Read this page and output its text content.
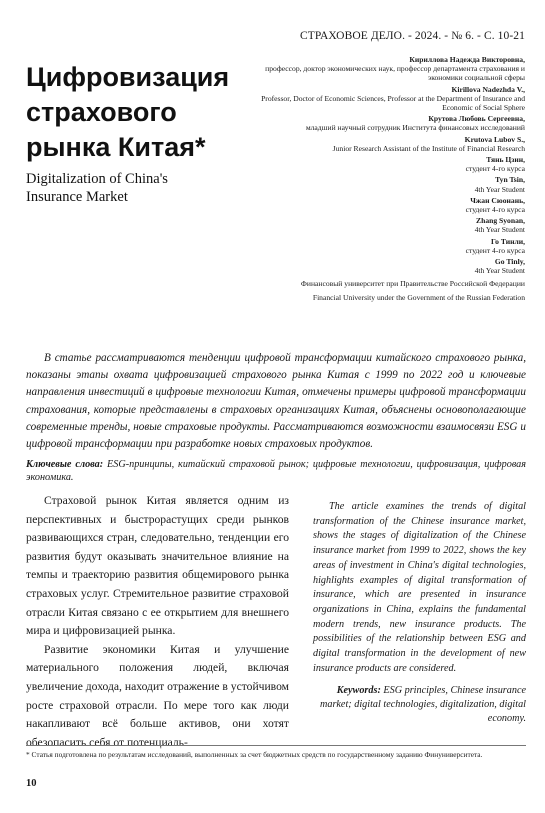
СТРАХОВОЕ ДЕЛО. - 2024. - № 6. - С. 10-21
Цифровизация страхового рынка Китая*
Digitalization of China's Insurance Market
Кириллова Надежда Викторовна,
профессор, доктор экономических наук, профессор департамента страхования и экономики социальной сферы
Kirillova Nadezhda V.,
Professor, Doctor of Economic Sciences, Professor at the Department of Insurance and Economic of Social Sphere
Крутова Любовь Сергеевна,
младший научный сотрудник Института финансовых исследований
Krutova Lubov S.,
Junior Research Assistant of the Institute of Financial Research
Тянь Цзин,
студент 4-го курса
Tyn Tsin,
4th Year Student
Чжан Сюонань,
студент 4-го курса
Zhang Syonan,
4th Year Student
Го Тинли,
студент 4-го курса
Go Tinly,
4th Year Student
Финансовый университет при Правительстве Российской Федерации
Financial University under the Government of the Russian Federation

В статье рассматриваются тенденции цифровой трансформации китайского страхового рынка, показаны этапы охвата цифровизацией страхового рынка Китая с 1999 по 2022 год и ключевые направления инвестиций в цифровые технологии Китая, отмечены примеры цифровой трансформации страхования, которые представлены в страховых организациях Китая, объяснены основополагающие современные тренды, новые страховые продукты. Рассматриваются возможности взаимосвязи ESG и цифровой трансформации при разработке новых страховых продуктов.

Ключевые слова: ESG-принципы, китайский страховой рынок; цифровые технологии, цифровизация, цифровая экономика.

Страховой рынок Китая является одним из перспективных и быстрорастущих среди рынков развивающихся стран, следовательно, тенденции его развития будут оказывать значительное влияние на темпы и траекторию развития общемирового рынка страховых услуг. Стремительное развитие страховой отрасли Китая связано с ее открытием для внешнего мира и цифровизацией рынка.

Развитие экономики Китая и улучшение материального положения людей, включая увеличение дохода, находит отражение в устойчивом росте страховой отрасли. По мере того как люди накапливают всё больше активов, они хотят обезопасить себя от потенциаль-

The article examines the trends of digital transformation of the Chinese insurance market, shows the stages of digitalization of the Chinese insurance market from 1999 to 2022, shows the key areas of investment in China's digital technologies, highlights examples of digital transformation of insurance, which are presented in insurance organizations in China, explains the fundamental modern trends, new insurance products. The possibilities of the relationship between ESG and digital transformation in the development of new insurance products are considered.

Keywords: ESG principles, Chinese insurance market; digital technologies, digitalization, digital economy.

* Статья подготовлена по результатам исследований, выполненных за счет бюджетных средств по государственному заданию Финуниверситета.

10
